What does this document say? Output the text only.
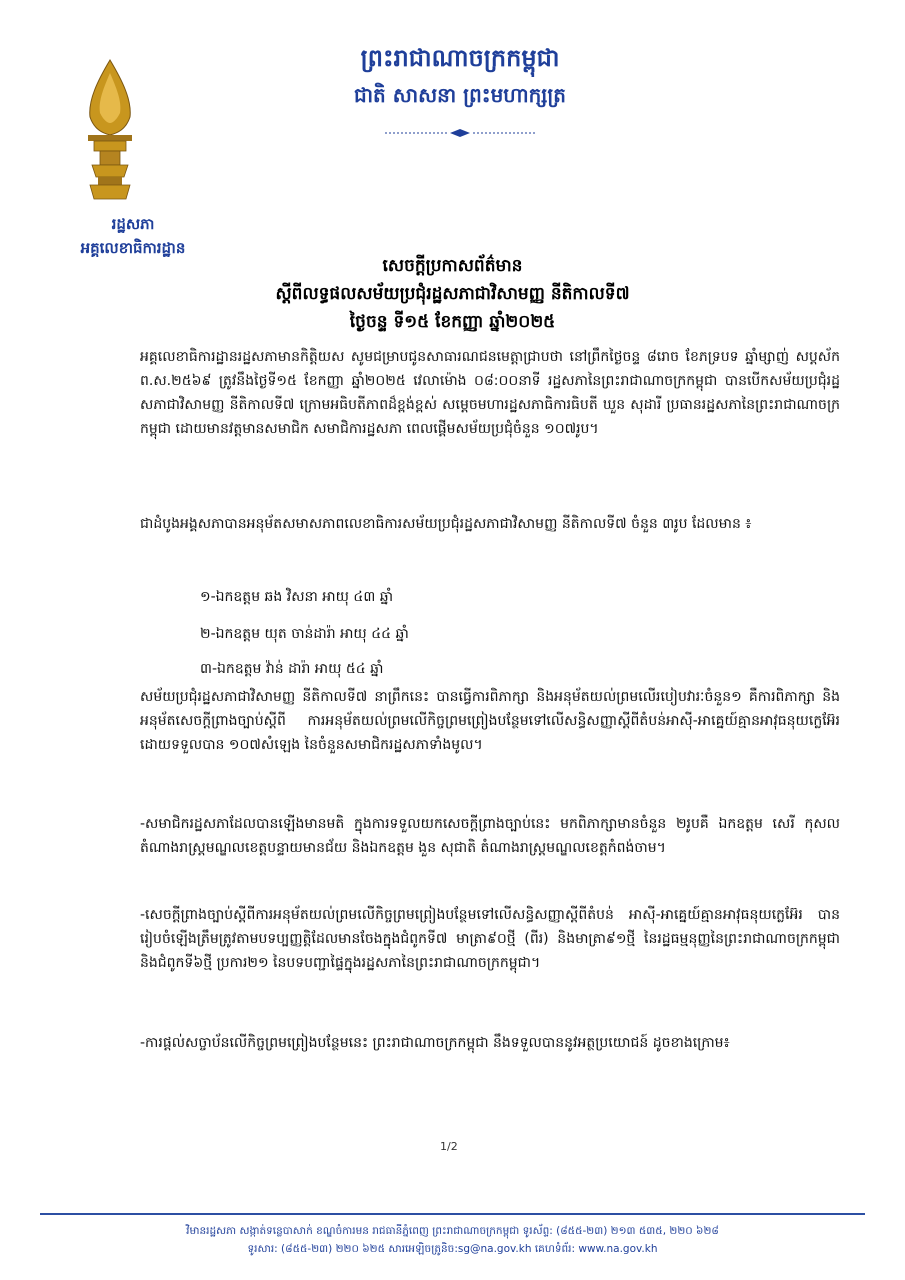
រដ្ឋសភា
អគ្គលេខាធិការដ្ឋាន
ព្រះរាជាណាចក្រកម្ពុជា
ជាតិ សាសនា ព្រះមហាក្សត្រ
សេចក្តីប្រកាសព័ត៌មាន
ស្តីពីលទ្ធផលសម័យប្រជុំរដ្ឋសភាជាវិសាមញ្ញ នីតិកាលទី៧
ថ្ងៃចន្ទ ទី១៥ ខែកញ្ញា ឆ្នាំ២០២៥
អគ្គលេខាធិការដ្ឋានរដ្ឋសភាមានកិត្តិយស សូមជម្រាបជូនសាធារណជនមេត្តាជ្រាបថា នៅព្រឹកថ្ងៃចន្ទ ៨រោច ខែភទ្របទ ឆ្នាំម្សាញ់ សប្តស័ក ព.ស.២៥៦៩ ត្រូវនឹងថ្ងៃទី១៥ ខែកញ្ញា ឆ្នាំ២០២៥ វេលាម៉ោង ០៨:០០នាទី រដ្ឋសភានៃព្រះរាជាណាចក្រកម្ពុជា បានបើកសម័យប្រជុំរដ្ឋសភាជាវិសាមញ្ញ នីតិកាលទី៧ ក្រោមអធិបតីភាពដ៏ខ្ពង់ខ្ពស់ សម្តេចមហារដ្ឋសភាធិការធិបតី ឃួន សុដារី ប្រធានរដ្ឋសភានៃព្រះរាជាណាចក្រកម្ពុជា ដោយមានវត្តមានសមាជិក សមាជិការដ្ឋសភា ពេលផ្តើមសម័យប្រជុំចំនួន ១០៧រូប។
ជាដំបូងអង្គសភាបានអនុម័តសមាសភាពលេខាធិការសម័យប្រជុំរដ្ឋសភាជាវិសាមញ្ញ នីតិកាលទី៧ ចំនួន ៣រូប ដែលមាន ៖
១-ឯកឧត្តម ឆង វិសនា អាយុ ៤៣ ឆ្នាំ
២-ឯកឧត្តម យុត ចាន់ដារ៉ា អាយុ ៤៤ ឆ្នាំ
៣-ឯកឧត្តម វ៉ាន់ ដារ៉ា អាយុ ៥៤ ឆ្នាំ
សម័យប្រជុំរដ្ឋសភាជាវិសាមញ្ញ នីតិកាលទី៧ នាព្រឹកនេះ បានធ្វើការពិភាក្សា និងអនុម័តយល់ព្រមលើរបៀបវារៈចំនួន១ គឺការពិភាក្សា និងអនុម័តសេចក្តីព្រាងច្បាប់ស្តីពី ការអនុម័តយល់ព្រមលើកិច្ចព្រមព្រៀងបន្ថែមទៅលើសន្ធិសញ្ញាស្តីពីតំបន់អាស៊ី-អាគ្នេយ៍គ្មានអាវុធនុយក្លេអ៊ែរ ដោយទទួលបាន ១០៧សំឡេង នៃចំនួនសមាជិករដ្ឋសភាទាំងមូល។
-សមាជិករដ្ឋសភាដែលបានឡើងមានមតិ ក្នុងការទទួលយកសេចក្តីព្រាងច្បាប់នេះ មកពិភាក្សាមានចំនួន ២រូបគឺ ឯកឧត្តម សេរី កុសល តំណាងរាស្ត្រមណ្ឌលខេត្តបន្ទាយមានជ័យ និងឯកឧត្តម ងួន សុជាតិ តំណាងរាស្ត្រមណ្ឌលខេត្តកំពង់ចាម។
-សេចក្តីព្រាងច្បាប់ស្តីពីការអនុម័តយល់ព្រមលើកិច្ចព្រមព្រៀងបន្ថែមទៅលើសន្ធិសញ្ញាស្តីពីតំបន់ អាស៊ី-អាគ្នេយ៍គ្មានអាវុធនុយក្លេអ៊ែរ បានរៀបចំឡើងត្រឹមត្រូវតាមបទប្បញ្ញត្តិដែលមានចែងក្នុងជំពូកទី៧ មាត្រា៩០ថ្មី (ពីរ) និងមាត្រា៩១ថ្មី នៃរដ្ឋធម្មនុញ្ញនៃព្រះរាជាណាចក្រកម្ពុជា និងជំពូកទី៦ថ្មី ប្រការ២១ នៃបទបញ្ជាផ្ទៃក្នុងរដ្ឋសភានៃព្រះរាជាណាចក្រកម្ពុជា។
-ការផ្តល់សច្ចាប័នលើកិច្ចព្រមព្រៀងបន្ថែមនេះ ព្រះរាជាណាចក្រកម្ពុជា នឹងទទួលបាននូវអត្ថប្រយោជន៍ ដូចខាងក្រោម៖
1/2
វិមានរដ្ឋសភា សង្កាត់ទន្លេបាសាក់ ខណ្ឌចំការមន រាជធានីភ្នំពេញ ព្រះរាជាណាចក្រកម្ពុជា ទូរស័ព្ទ: (៨៥៥-២៣) ២១៣ ៥៣៥, ២២០ ៦២៨
ទូរសារ: (៨៥៥-២៣) ២២០ ៦២៥ សារអេឡិចត្រូនិច:sg@na.gov.kh គេហទំព័រ: www.na.gov.kh
